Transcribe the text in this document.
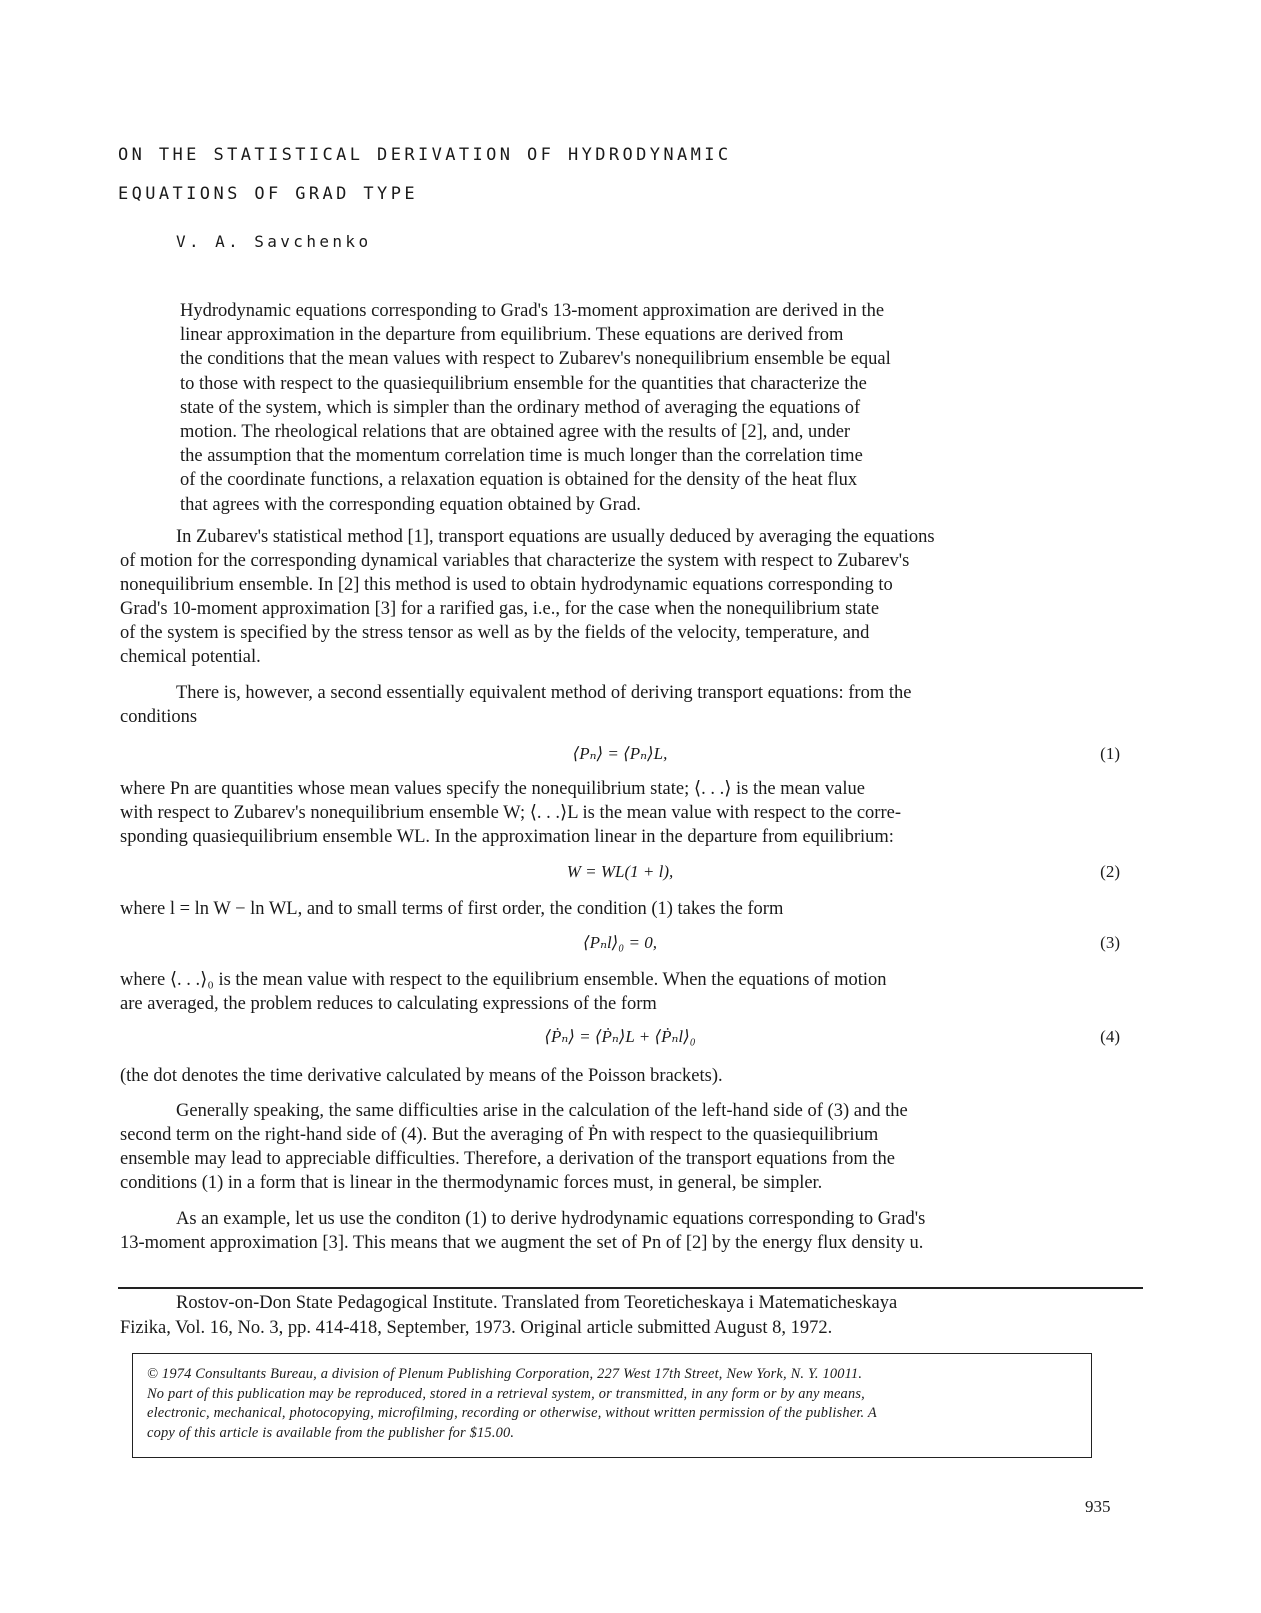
ON THE STATISTICAL DERIVATION OF HYDRODYNAMIC
EQUATIONS OF GRAD TYPE
V. A. Savchenko
Hydrodynamic equations corresponding to Grad's 13-moment approximation are derived in the
linear approximation in the departure from equilibrium. These equations are derived from
the conditions that the mean values with respect to Zubarev's nonequilibrium ensemble be equal
to those with respect to the quasiequilibrium ensemble for the quantities that characterize the
state of the system, which is simpler than the ordinary method of averaging the equations of
motion. The rheological relations that are obtained agree with the results of [2], and, under
the assumption that the momentum correlation time is much longer than the correlation time
of the coordinate functions, a relaxation equation is obtained for the density of the heat flux
that agrees with the corresponding equation obtained by Grad.
In Zubarev's statistical method [1], transport equations are usually deduced by averaging the equations
of motion for the corresponding dynamical variables that characterize the system with respect to Zubarev's
nonequilibrium ensemble. In [2] this method is used to obtain hydrodynamic equations corresponding to
Grad's 10-moment approximation [3] for a rarified gas, i.e., for the case when the nonequilibrium state
of the system is specified by the stress tensor as well as by the fields of the velocity, temperature, and
chemical potential.
There is, however, a second essentially equivalent method of deriving transport equations: from the
conditions
⟨Pₙ⟩ = ⟨Pₙ⟩L,	(1)
where Pn are quantities whose mean values specify the nonequilibrium state; ⟨. . .⟩ is the mean value
with respect to Zubarev's nonequilibrium ensemble W; ⟨. . .⟩L is the mean value with respect to the corre-
sponding quasiequilibrium ensemble WL. In the approximation linear in the departure from equilibrium:
W = WL(1 + l),	(2)
where l = ln W − ln WL, and to small terms of first order, the condition (1) takes the form
⟨Pₙl⟩₀ = 0,	(3)
where ⟨. . .⟩₀ is the mean value with respect to the equilibrium ensemble. When the equations of motion
are averaged, the problem reduces to calculating expressions of the form
⟨Ṗₙ⟩ = ⟨Ṗₙ⟩L + ⟨Ṗₙl⟩₀	(4)
(the dot denotes the time derivative calculated by means of the Poisson brackets).
Generally speaking, the same difficulties arise in the calculation of the left-hand side of (3) and the
second term on the right-hand side of (4). But the averaging of Ṗn with respect to the quasiequilibrium
ensemble may lead to appreciable difficulties. Therefore, a derivation of the transport equations from the
conditions (1) in a form that is linear in the thermodynamic forces must, in general, be simpler.
As an example, let us use the conditon (1) to derive hydrodynamic equations corresponding to Grad's
13-moment approximation [3]. This means that we augment the set of Pn of [2] by the energy flux density u.
Rostov-on-Don State Pedagogical Institute. Translated from Teoreticheskaya i Matematicheskaya
Fizika, Vol. 16, No. 3, pp. 414-418, September, 1973. Original article submitted August 8, 1972.
© 1974 Consultants Bureau, a division of Plenum Publishing Corporation, 227 West 17th Street, New York, N. Y. 10011.
No part of this publication may be reproduced, stored in a retrieval system, or transmitted, in any form or by any means,
electronic, mechanical, photocopying, microfilming, recording or otherwise, without written permission of the publisher. A
copy of this article is available from the publisher for $15.00.
935
